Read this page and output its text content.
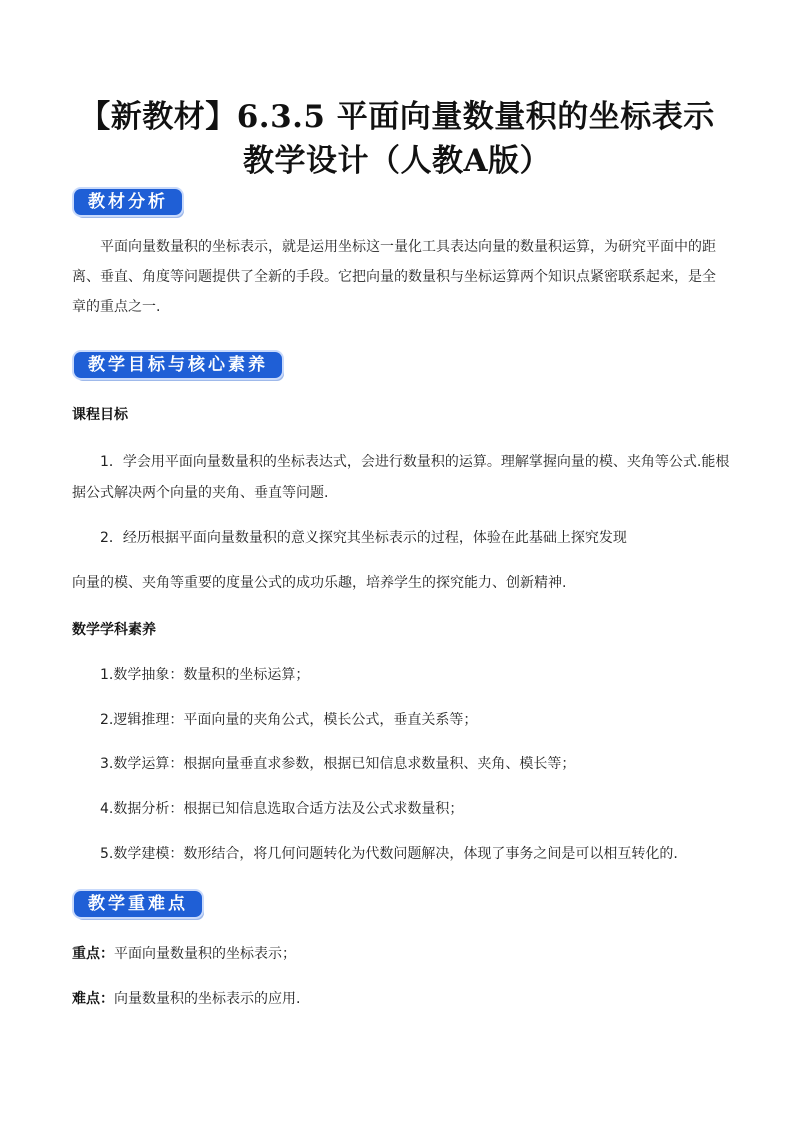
【新教材】6.3.5 平面向量数量积的坐标表示
教学设计（人教A版）
教材分析
平面向量数量积的坐标表示，就是运用坐标这一量化工具表达向量的数量积运算，为研究平面中的距离、垂直、角度等问题提供了全新的手段。它把向量的数量积与坐标运算两个知识点紧密联系起来，是全章的重点之一.
教学目标与核心素养
课程目标
1．学会用平面向量数量积的坐标表达式，会进行数量积的运算。理解掌握向量的模、夹角等公式.能根
据公式解决两个向量的夹角、垂直等问题.
2．经历根据平面向量数量积的意义探究其坐标表示的过程，体验在此基础上探究发现
向量的模、夹角等重要的度量公式的成功乐趣，培养学生的探究能力、创新精神.
数学学科素养
1.数学抽象：数量积的坐标运算；
2.逻辑推理：平面向量的夹角公式，模长公式，垂直关系等；
3.数学运算：根据向量垂直求参数，根据已知信息求数量积、夹角、模长等；
4.数据分析：根据已知信息选取合适方法及公式求数量积；
5.数学建模：数形结合，将几何问题转化为代数问题解决，体现了事务之间是可以相互转化的.
教学重难点
重点：平面向量数量积的坐标表示；
难点：向量数量积的坐标表示的应用.
